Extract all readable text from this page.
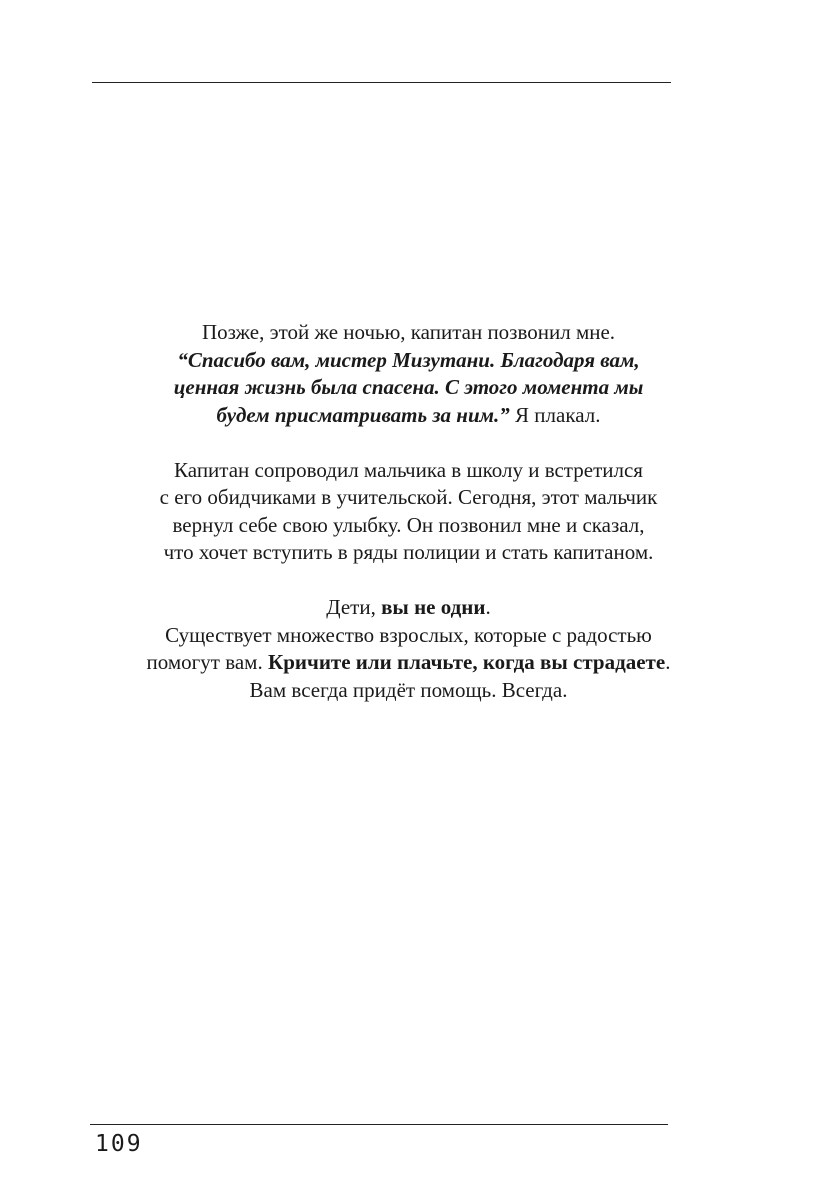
Позже, этой же ночью, капитан позвонил мне.
“Спасибо вам, мистер Мизутани. Благодаря вам,
ценная жизнь была спасена. С этого момента мы
будем присматривать за ним.” Я плакал.
Капитан сопроводил мальчика в школу и встретился
с его обидчиками в учительской. Сегодня, этот мальчик
вернул себе свою улыбку. Он позвонил мне и сказал,
что хочет вступить в ряды полиции и стать капитаном.
Дети, вы не одни.
Существует множество взрослых, которые с радостью
помогут вам. Кричите или плачьте, когда вы страдаете.
Вам всегда придёт помощь. Всегда.
109
